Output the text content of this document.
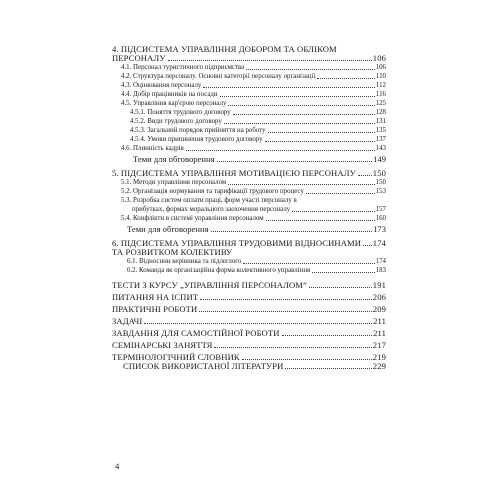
4. ПІДСИСТЕМА УПРАВЛІННЯ ДОБОРОМ ТА ОБЛІКОМ
ПЕРСОНАЛУ	106
4.1. Персонал туристичного підприємства	106
4.2. Структура персоналу. Основні категорії персоналу організації	110
4.3. Оцінювання персоналу	112
4.4. Добір працівників на посади	116
4.5. Управління кар'єрою персоналу	125
4.5.1. Поняття трудового договору	128
4.5.2. Види трудового договору	131
4.5.3. Загальний порядок прийняття на роботу	135
4.5.4. Умови припинення трудового договору	137
4.6. Плинність кадрів	143
Теми для обговорення	149
5. ПІДСИСТЕМА УПРАВЛІННЯ МОТИВАЦІЄЮ ПЕРСОНАЛУ 150
5.1. Методи управління персоналом	150
5.2. Організація нормування та тарифікації трудового процесу	153
5.3. Розробка систем оплати праці, форм участі персоналу в
прибутках, формах морального заохочення персоналу	157
5.4. Конфлікти в системі управління персоналом	160
Теми для обговорення	173
6. ПІДСИСТЕМА УПРАВЛІННЯ ТРУДОВИМИ ВІДНОСИНАМИ 174
ТА РОЗВИТКОМ КОЛЕКТИВУ
6.1. Відносини керівника та підлеглого	174
6.2. Команда як організаційна форма колективного управління	183
ТЕСТИ З КУРСУ „УПРАВЛІННЯ ПЕРСОНАЛОМ”	191
ПИТАННЯ НА ІСПИТ	206
ПРАКТИЧНІ РОБОТИ	209
ЗАДАЧІ	211
ЗАВДАННЯ ДЛЯ САМОСТІЙНОЇ РОБОТИ	211
СЕМІНАРСЬКІ ЗАНЯТТЯ	217
ТЕРМІНОЛОГІЧНИЙ СЛОВНИК	219
СПИСОК ВИКОРИСТАНОЇ ЛІТЕРАТУРИ	229
4
